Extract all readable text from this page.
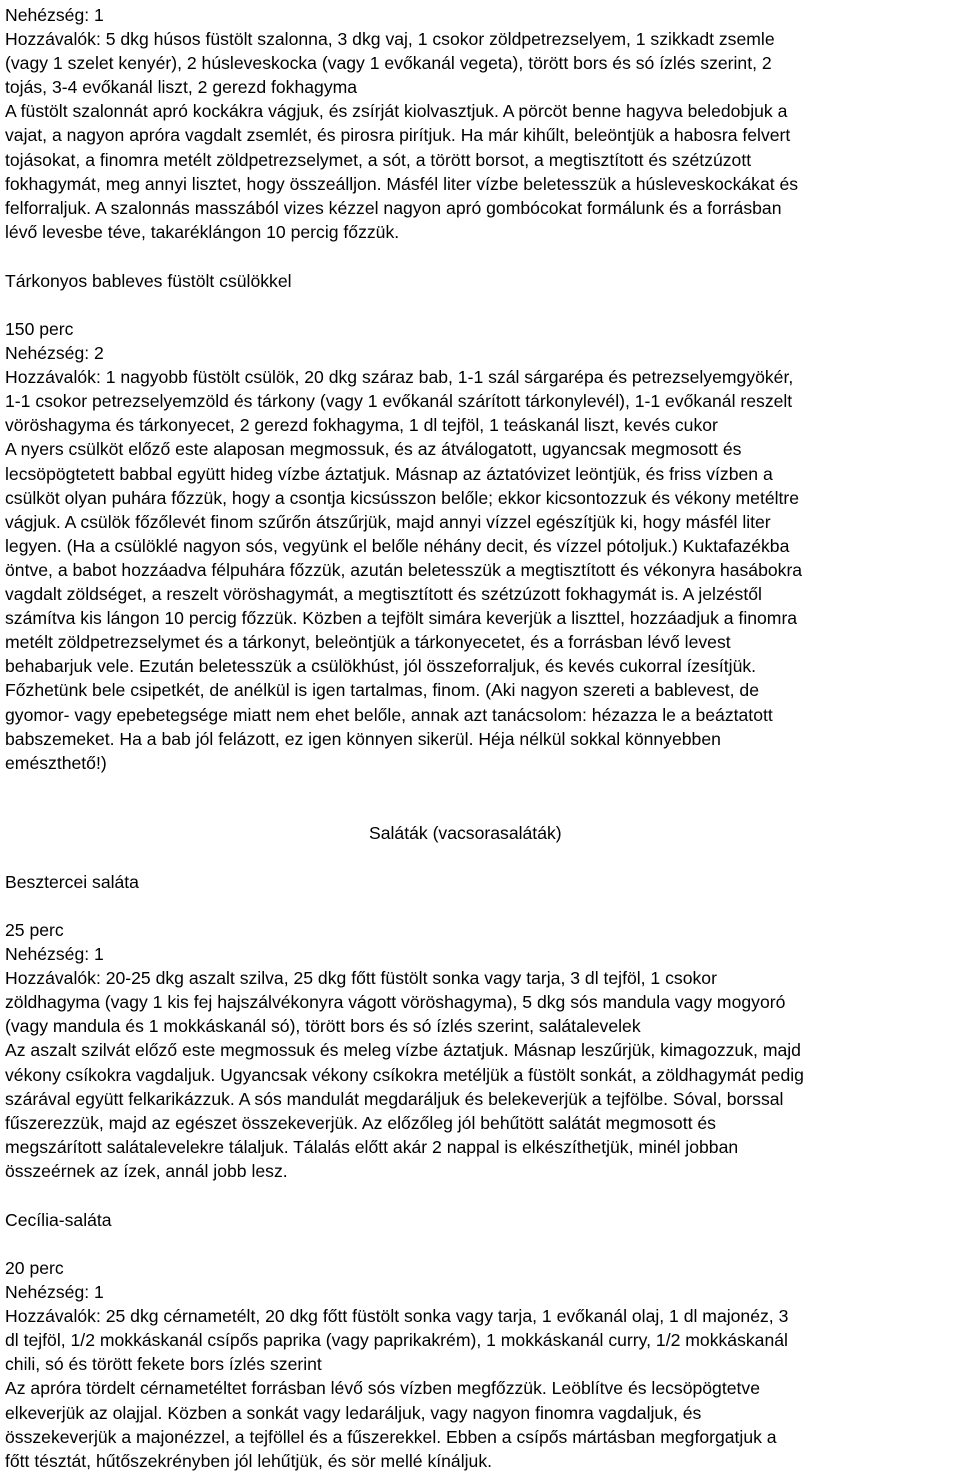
Nehézség: 1
Hozzávalók: 5 dkg húsos füstölt szalonna, 3 dkg vaj, 1 csokor zöldpetrezselyem, 1 szikkadt zsemle
(vagy 1 szelet kenyér), 2 húsleveskocka (vagy 1 evőkanál vegeta), törött bors és só ízlés szerint, 2
tojás, 3-4 evőkanál liszt, 2 gerezd fokhagyma
A füstölt szalonnát apró kockákra vágjuk, és zsírját kiolvasztjuk. A pörcöt benne hagyva beledobjuk a
vajat, a nagyon apróra vagdalt zsemlét, és pirosra pirítjuk. Ha már kihűlt, beleöntjük a habosra felvert
tojásokat, a finomra metélt zöldpetrezselymet, a sót, a törött borsot, a megtisztított és szétzúzott
fokhagymát, meg annyi lisztet, hogy összeálljon. Másfél liter vízbe beletesszük a húsleveskockákat és
felforraljuk. A szalonnás masszából vizes kézzel nagyon apró gombócokat formálunk és a forrásban
lévő levesbe téve, takaréklángon 10 percig főzzük.
Tárkonyos bableves füstölt csülökkel
150 perc
Nehézség: 2
Hozzávalók: 1 nagyobb füstölt csülök, 20 dkg száraz bab, 1-1 szál sárgarépa és petrezselyemgyökér,
1-1 csokor petrezselyemzöld és tárkony (vagy 1 evőkanál szárított tárkonylevél), 1-1 evőkanál reszelt
vöröshagyma és tárkonyecet, 2 gerezd fokhagyma, 1 dl tejföl, 1 teáskanál liszt, kevés cukor
A nyers csülköt előző este alaposan megmossuk, és az átválogatott, ugyancsak megmosott és
lecsöpögtetett babbal együtt hideg vízbe áztatjuk. Másnap az áztatóvizet leöntjük, és friss vízben a
csülköt olyan puhára főzzük, hogy a csontja kicsússzon belőle; ekkor kicsontozzuk és vékony metéltre
vágjuk. A csülök főzőlevét finom szűrőn átszűrjük, majd annyi vízzel egészítjük ki, hogy másfél liter
legyen. (Ha a csülöklé nagyon sós, vegyünk el belőle néhány decit, és vízzel pótoljuk.) Kuktafazékba
öntve, a babot hozzáadva félpuhára főzzük, azután beletesszük a megtisztított és vékonyra hasábokra
vagdalt zöldséget, a reszelt vöröshagymát, a megtisztított és szétzúzott fokhagymát is. A jelzéstől
számítva kis lángon 10 percig főzzük. Közben a tejfölt simára keverjük a liszttel, hozzáadjuk a finomra
metélt zöldpetrezselymet és a tárkonyt, beleöntjük a tárkonyecetet, és a forrásban lévő levest
behabarjuk vele. Ezután beletesszük a csülökhúst, jól összeforraljuk, és kevés cukorral ízesítjük.
Főzhetünk bele csipetkét, de anélkül is igen tartalmas, finom. (Aki nagyon szereti a bablevest, de
gyomor- vagy epebetegsége miatt nem ehet belőle, annak azt tanácsolom: hézazza le a beáztatott
babszemeket. Ha a bab jól felázott, ez igen könnyen sikerül. Héja nélkül sokkal könnyebben
emészthető!)
Saláták (vacsorasaláták)
Besztercei saláta
25 perc
Nehézség: 1
Hozzávalók: 20-25 dkg aszalt szilva, 25 dkg főtt füstölt sonka vagy tarja, 3 dl tejföl, 1 csokor
zöldhagyma (vagy 1 kis fej hajszálvékonyra vágott vöröshagyma), 5 dkg sós mandula vagy mogyoró
(vagy mandula és 1 mokkáskanál só), törött bors és só ízlés szerint, salátalevelek
Az aszalt szilvát előző este megmossuk és meleg vízbe áztatjuk. Másnap leszűrjük, kimagozzuk, majd
vékony csíkokra vagdaljuk. Ugyancsak vékony csíkokra metéljük a füstölt sonkát, a zöldhagymát pedig
szárával együtt felkarikázzuk. A sós mandulát megdaráljuk és belekeverjük a tejfölbe. Sóval, borssal
fűszerezzük, majd az egészet összekeverjük. Az előzőleg jól behűtött salátát megmosott és
megszárított salátalevelekre tálaljuk. Tálalás előtt akár 2 nappal is elkészíthetjük, minél jobban
összeérnek az ízek, annál jobb lesz.
Cecília-saláta
20 perc
Nehézség: 1
Hozzávalók: 25 dkg cérnametélt, 20 dkg főtt füstölt sonka vagy tarja, 1 evőkanál olaj, 1 dl majonéz, 3
dl tejföl, 1/2 mokkáskanál csípős paprika (vagy paprikakrém), 1 mokkáskanál curry, 1/2 mokkáskanál
chili, só és törött fekete bors ízlés szerint
Az apróra tördelt cérnametéltet forrásban lévő sós vízben megfőzzük. Leöblítve és lecsöpögtetve
elkeverjük az olajjal. Közben a sonkát vagy ledaráljuk, vagy nagyon finomra vagdaljuk, és
összekeverjük a majonézzel, a tejföllel és a fűszerekkel. Ebben a csípős mártásban megforgatjuk a
főtt tésztát, hűtőszekrényben jól lehűtjük, és sör mellé kínáljuk.
